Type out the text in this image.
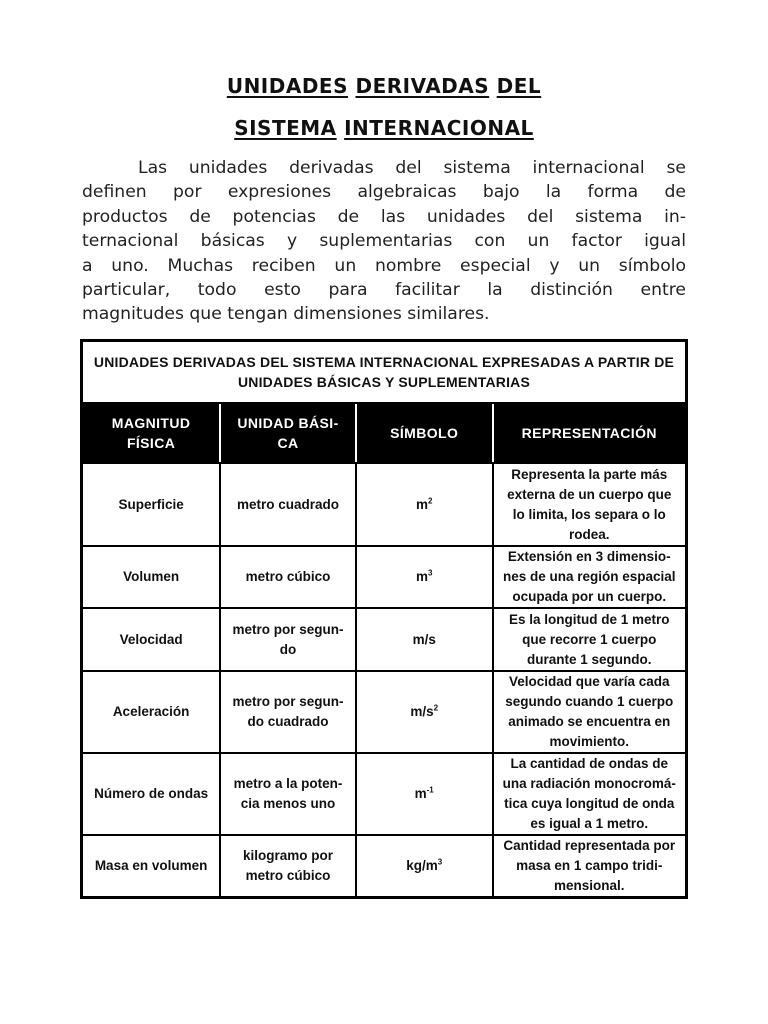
UNIDADES DERIVADAS DEL
SISTEMA INTERNACIONAL
Las unidades derivadas del sistema internacional se
definen por expresiones algebraicas bajo la forma de
productos de potencias de las unidades del sistema in-
ternacional básicas y suplementarias con un factor igual
a uno. Muchas reciben un nombre especial y un símbolo
particular, todo esto para facilitar la distinción entre
magnitudes que tengan dimensiones similares.
UNIDADES DERIVADAS DEL SISTEMA INTERNACIONAL EXPRESADAS A PARTIR DE UNIDADES BÁSICAS Y SUPLEMENTARIAS			
MAGNITUD FÍSICA	UNIDAD BÁSI-CA	SÍMBOLO	REPRESENTACIÓN
Superficie	metro cuadrado	$m^2$	Representa la parte más externa de un cuerpo que lo limita, los separa o lo rodea.
Volumen	metro cúbico	$m^3$	Extensión en 3 dimensio-nes de una región espacial ocupada por un cuerpo.
Velocidad	metro por segun-do	m/s	Es la longitud de 1 metro que recorre 1 cuerpo durante 1 segundo.
Aceleración	metro por segun-do cuadrado	$m/s^2$	Velocidad que varía cada segundo cuando 1 cuerpo animado se encuentra en movimiento.
Número de ondas	metro a la poten-cia menos uno	$m^{-1}$	La cantidad de ondas de una radiación monocromá-tica cuya longitud de onda es igual a 1 metro.
Masa en volumen	kilogramo por metro cúbico	$kg/m^3$	Cantidad representada por masa en 1 campo tridi-mensional.
